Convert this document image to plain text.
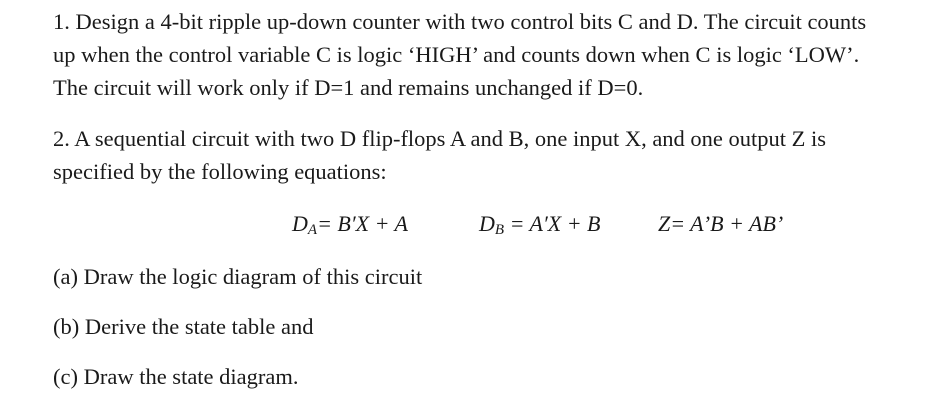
1. Design a 4-bit ripple up-down counter with two control bits C and D. The circuit counts up when the control variable C is logic ‘HIGH’ and counts down when C is logic ‘LOW’. The circuit will work only if D=1 and remains unchanged if D=0.
2. A sequential circuit with two D flip-flops A and B, one input X, and one output Z is specified by the following equations:
$D_A= B'X + A$	$D_B = A'X + B$	Z= A’B + AB’
(a) Draw the logic diagram of this circuit
(b) Derive the state table and
(c) Draw the state diagram.
